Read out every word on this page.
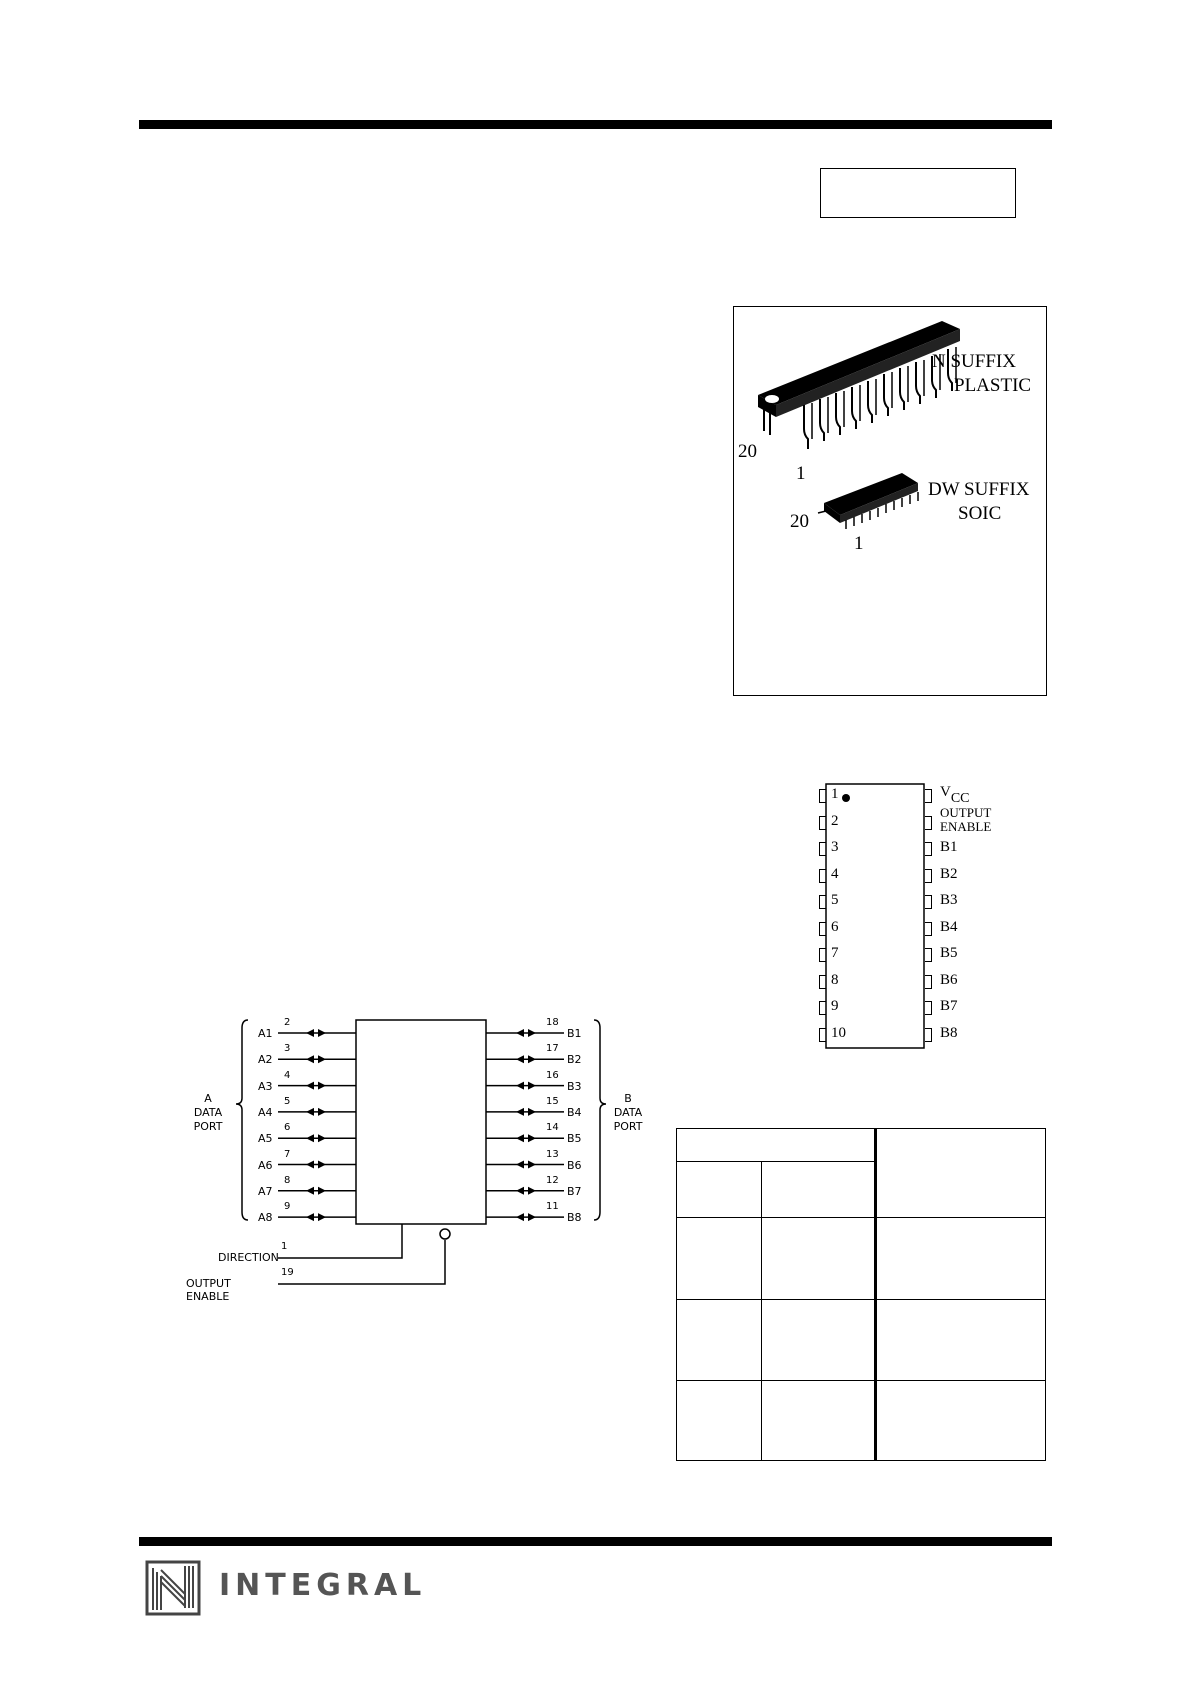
N SUFFIX
PLASTIC
20
1
DW SUFFIX
SOIC
20
1
1
2
3
4
5
6
7
8
9
10
VCC
OUTPUT
ENABLE
B1
B2
B3
B4
B5
B6
B7
B8
A
DATA
PORT
B
DATA
PORT
DIRECTION
1
OUTPUT ENABLE
19
A1
2
A2
3
A3
4
A4
5
A5
6
A6
7
A7
8
A8
9
B1
18
B2
17
B3
16
B4
15
B5
14
B6
13
B7
12
B8
11

INTEGRAL
